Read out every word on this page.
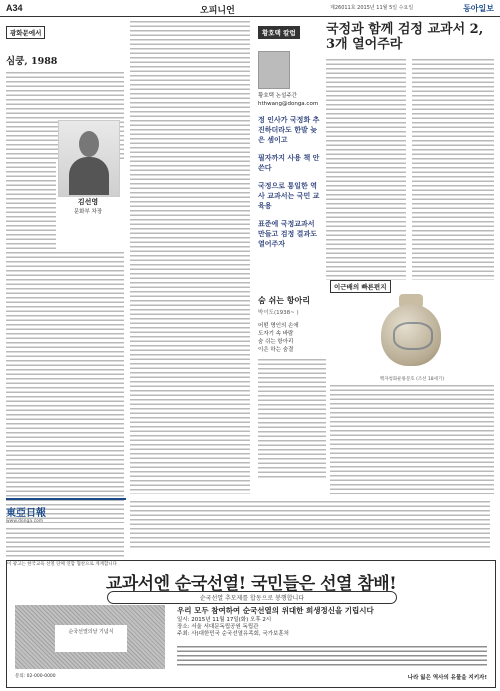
A34	오피니언	제26011호 2015년 11월 5일 수요일	동아일보
광화문에서
심쿵, 1988
김선영
문화부 차장
황호택 칼럼
황호택 논설주간
hthwang@donga.com
정 인사가 국정화 추진하더라도 한발 늦은 셈이고
필자까지 사용 책 안 쓴다
국정으로 통일한 역사 교과서는 국민 교육용
표준에 국정교과서 만들고 검정 결과도 열어주자
국정과 함께 검정 교과서 2, 3개 열어주라
숨 쉬는 항아리
박이도(1938~ )
어떤 명인의 손에
도자기 속 바람
숨 쉬는 항아리
이은 하는 숨결
이근배의 빠른편지
백자청화운룡문호 (조선 18세기)
東亞日報
www.donga.com
이 광고는 한국교육 선열 단체 연합 협찬으로 게재합니다
교과서엔 순국선열! 국민들은 선열 참배!
순국선열 추모제를 합동으로 봉행합니다
순국선열의날 기념식
우리 모두 참여하여 순국선열의 위대한 희생정신을 기립시다
일시: 2015년 11월 17일(화) 오후 2시
장소: 서울 서대문독립공원 독립관
주최: 사)대한민국 순국선열유족회, 국가보훈처
문의: 02-000-0000	나라 잃은 역사의 유물을 지키자!
